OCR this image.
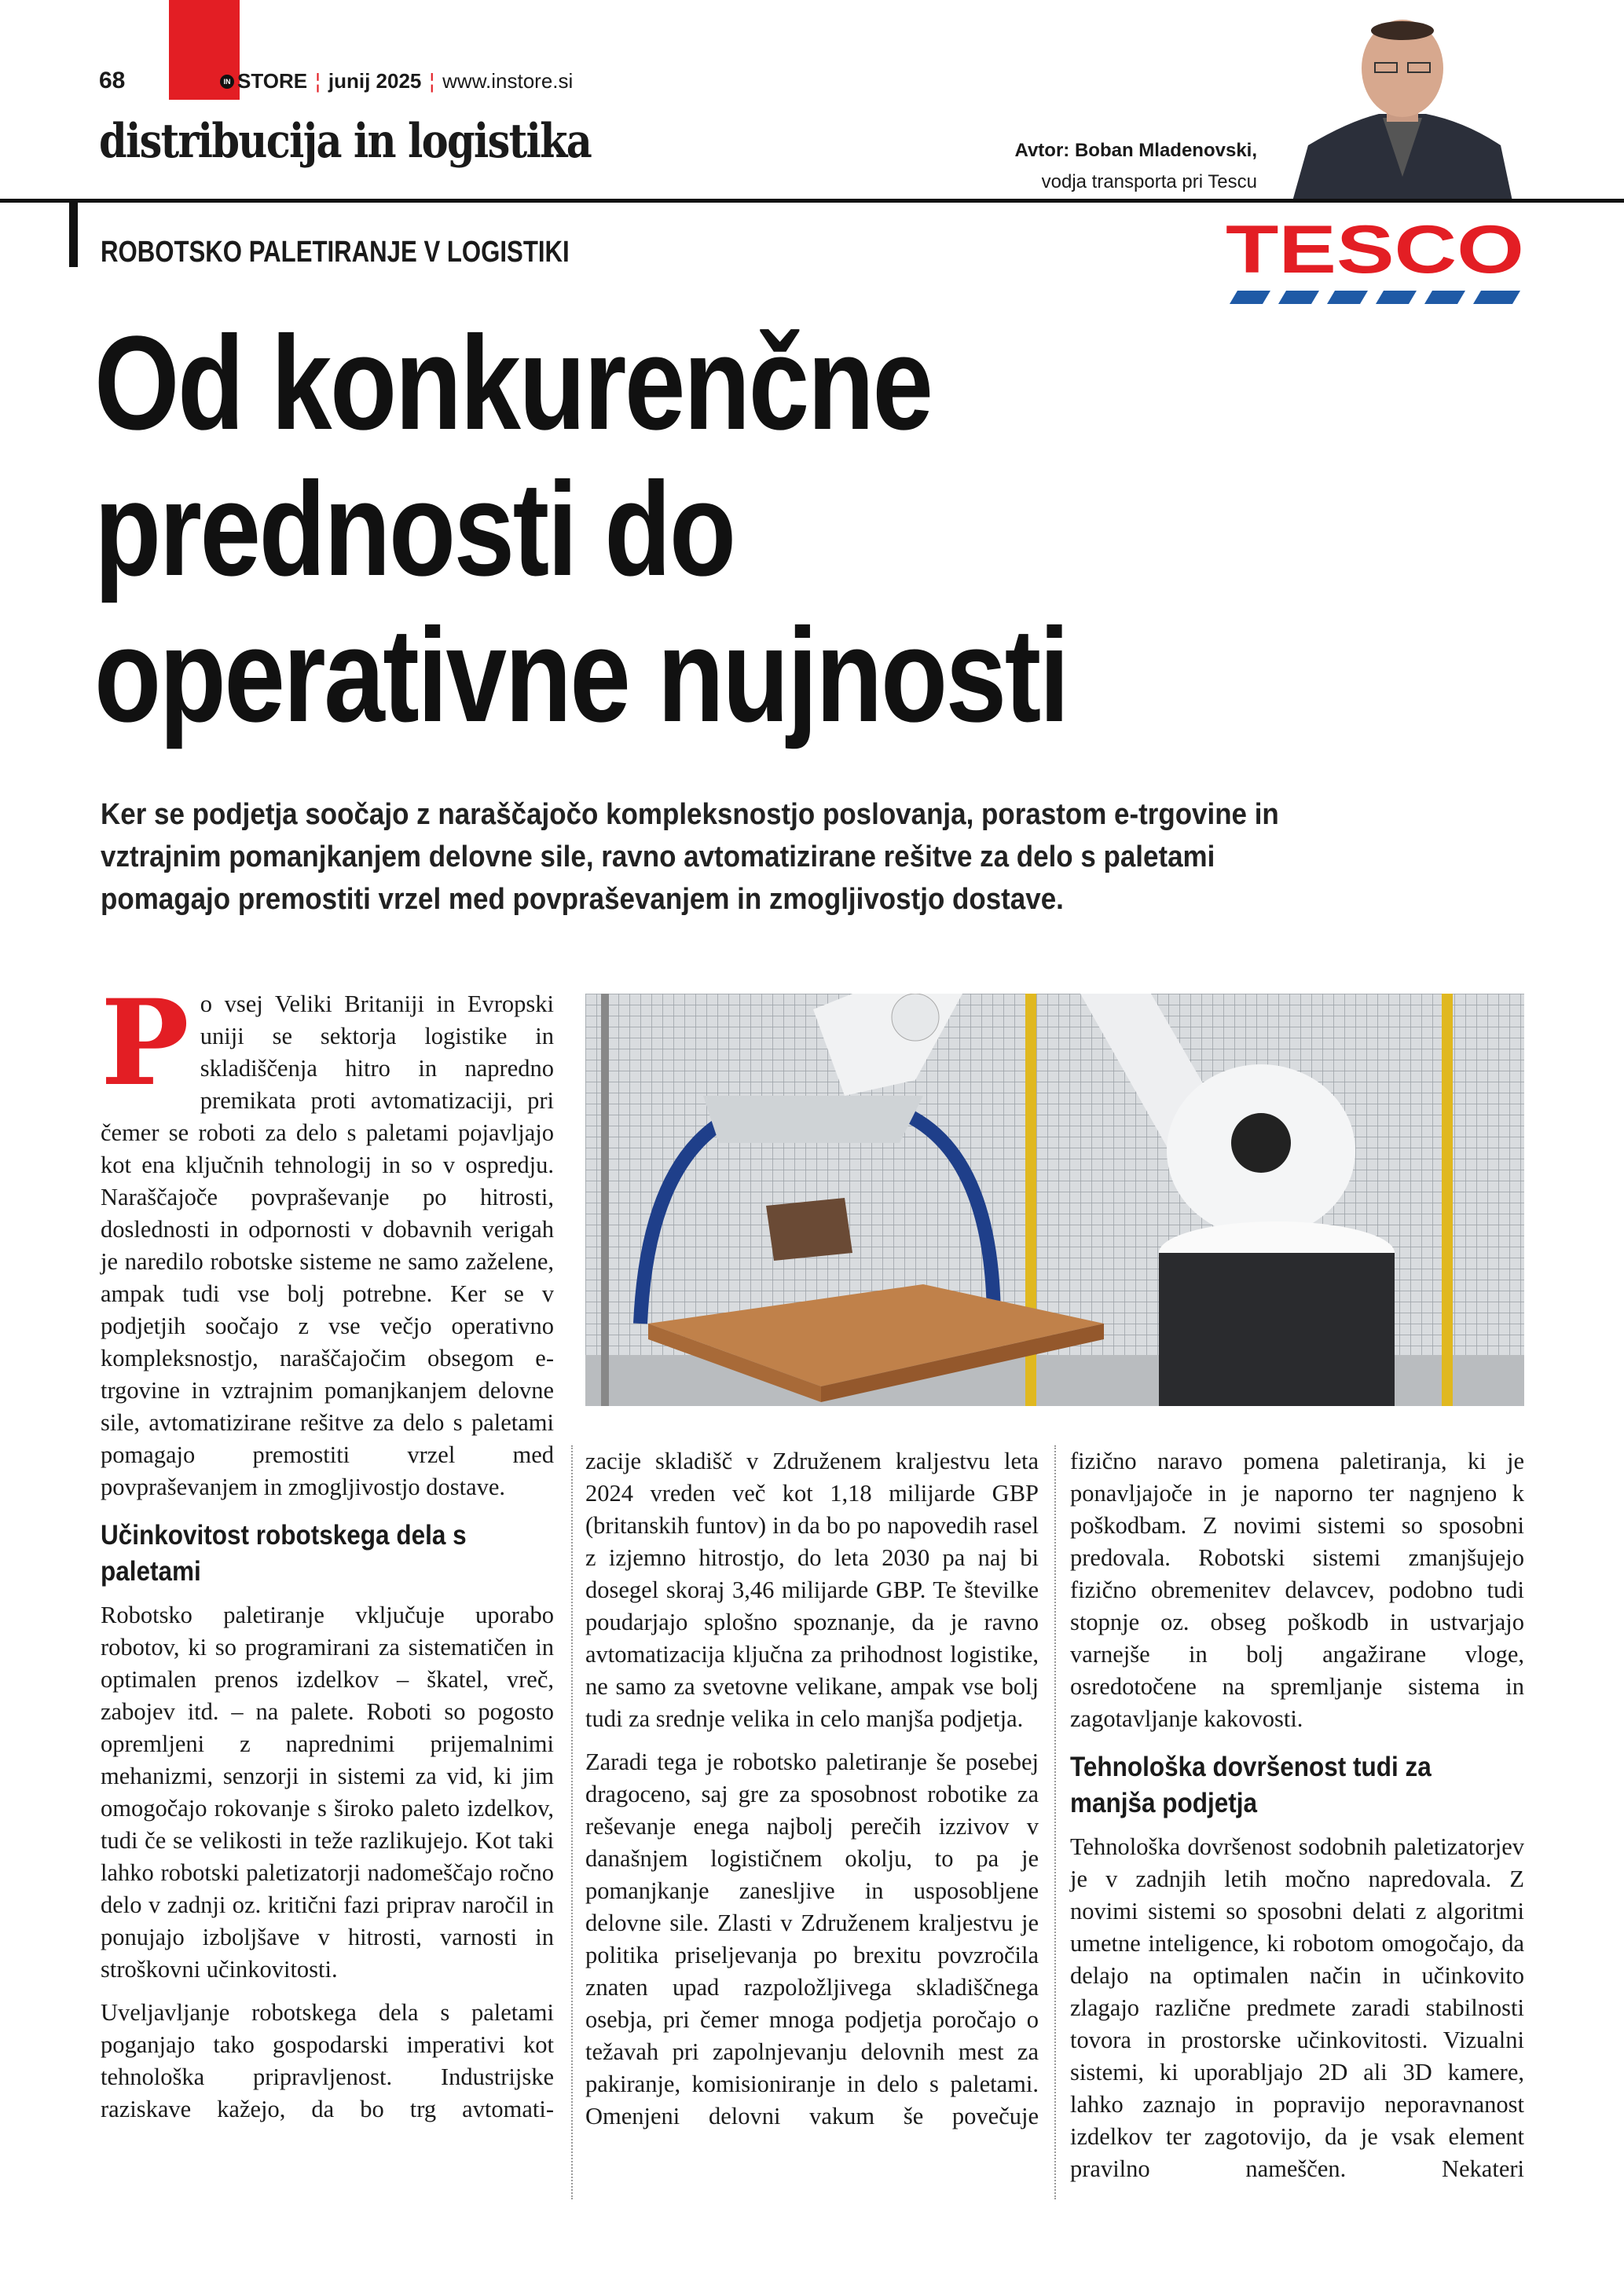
68	IN STORE ¦ junij 2025 ¦ www.instore.si
distribucija in logistika	Avtor: Boban Mladenovski,
vodja transporta pri Tescu
ROBOTSKO PALETIRANJE V LOGISTIKI	TESCO
Od konkurenčne
prednosti do
operativne nujnosti
Ker se podjetja soočajo z naraščajočo kompleksnostjo poslovanja, porastom e-trgovine in vztrajnim pomanjkanjem delovne sile, ravno avtomatizirane rešitve za delo s paletami pomagajo premostiti vrzel med povpraševanjem in zmogljivostjo dostave.

Po vsej Veliki Britaniji in Evropski uniji se sektorja logistike in skladiščenja hitro in napredno premikata proti avtomatizaciji, pri čemer se roboti za delo s paletami pojavljajo kot ena ključnih tehnologij in so v ospredju. Naraščajoče povpraševanje po hitrosti, doslednosti in odpornosti v dobavnih verigah je naredilo robotske sisteme ne samo zaželene, ampak tudi vse bolj potrebne. Ker se v podjetjih soočajo z vse večjo operativno kompleksnostjo, naraščajočim obsegom e-trgovine in vztrajnim pomanjkanjem delovne sile, avtomatizirane rešitve za delo s paletami pomagajo premostiti vrzel med povpraševanjem in zmogljivostjo dostave.

Učinkovitost robotskega dela s paletami

Robotsko paletiranje vključuje uporabo robotov, ki so programirani za sistematičen in optimalen prenos izdelkov – škatel, vreč, zabojev itd. – na palete. Roboti so pogosto opremljeni z naprednimi prijemalnimi mehanizmi, senzorji in sistemi za vid, ki jim omogočajo rokovanje s široko paleto izdelkov, tudi če se velikosti in teže razlikujejo. Kot taki lahko robotski paletizatorji nadomeščajo ročno delo v zadnji oz. kritični fazi priprav naročil in ponujajo izboljšave v hitrosti, varnosti in stroškovni učinkovitosti.

Uveljavljanje robotskega dela s paletami poganjajo tako gospodarski imperativi kot tehnološka pripravljenost. Industrijske raziskave kažejo, da bo trg avtomati-

zacije skladišč v Združenem kraljestvu leta 2024 vreden več kot 1,18 milijarde GBP (britanskih funtov) in da bo po napovedih rasel z izjemno hitrostjo, do leta 2030 pa naj bi dosegel skoraj 3,46 milijarde GBP. Te številke poudarjajo splošno spoznanje, da je ravno avtomatizacija ključna za prihodnost logistike, ne samo za svetovne velikane, ampak vse bolj tudi za srednje velika in celo manjša podjetja.

Zaradi tega je robotsko paletiranje še posebej dragoceno, saj gre za sposobnost robotike za reševanje enega najbolj perečih izzivov v današnjem logističnem okolju, to pa je pomanjkanje zanesljive in usposobljene delovne sile. Zlasti v Združenem kraljestvu je politika priseljevanja po brexitu povzročila znaten upad razpoložljivega skladiščnega osebja, pri čemer mnoga podjetja poročajo o težavah pri zapolnjevanju delovnih mest za pakiranje, komisioniranje in delo s paletami. Omenjeni delovni vakum še povečuje

fizično naravo pomena paletiranja, ki je ponavljajoče in je naporno ter nagnjeno k poškodbam. Z novimi sistemi so sposobni predovala. Robotski sistemi zmanjšujejo fizično obremenitev delavcev, podobno tudi stopnje oz. obseg poškodb in ustvarjajo varnejše in bolj angažirane vloge, osredotočene na spremljanje sistema in zagotavljanje kakovosti.

Tehnološka dovršenost tudi za manjša podjetja

Tehnološka dovršenost sodobnih paletizatorjev je v zadnjih letih močno napredovala. Z novimi sistemi so sposobni delati z algoritmi umetne inteligence, ki robotom omogočajo, da delajo na optimalen način in učinkovito zlagajo različne predmete zaradi stabilnosti tovora in prostorske učinkovitosti. Vizualni sistemi, ki uporabljajo 2D ali 3D kamere, lahko zaznajo in popravijo neporavnanost izdelkov ter zagotovijo, da je vsak element pravilno nameščen. Nekateri
